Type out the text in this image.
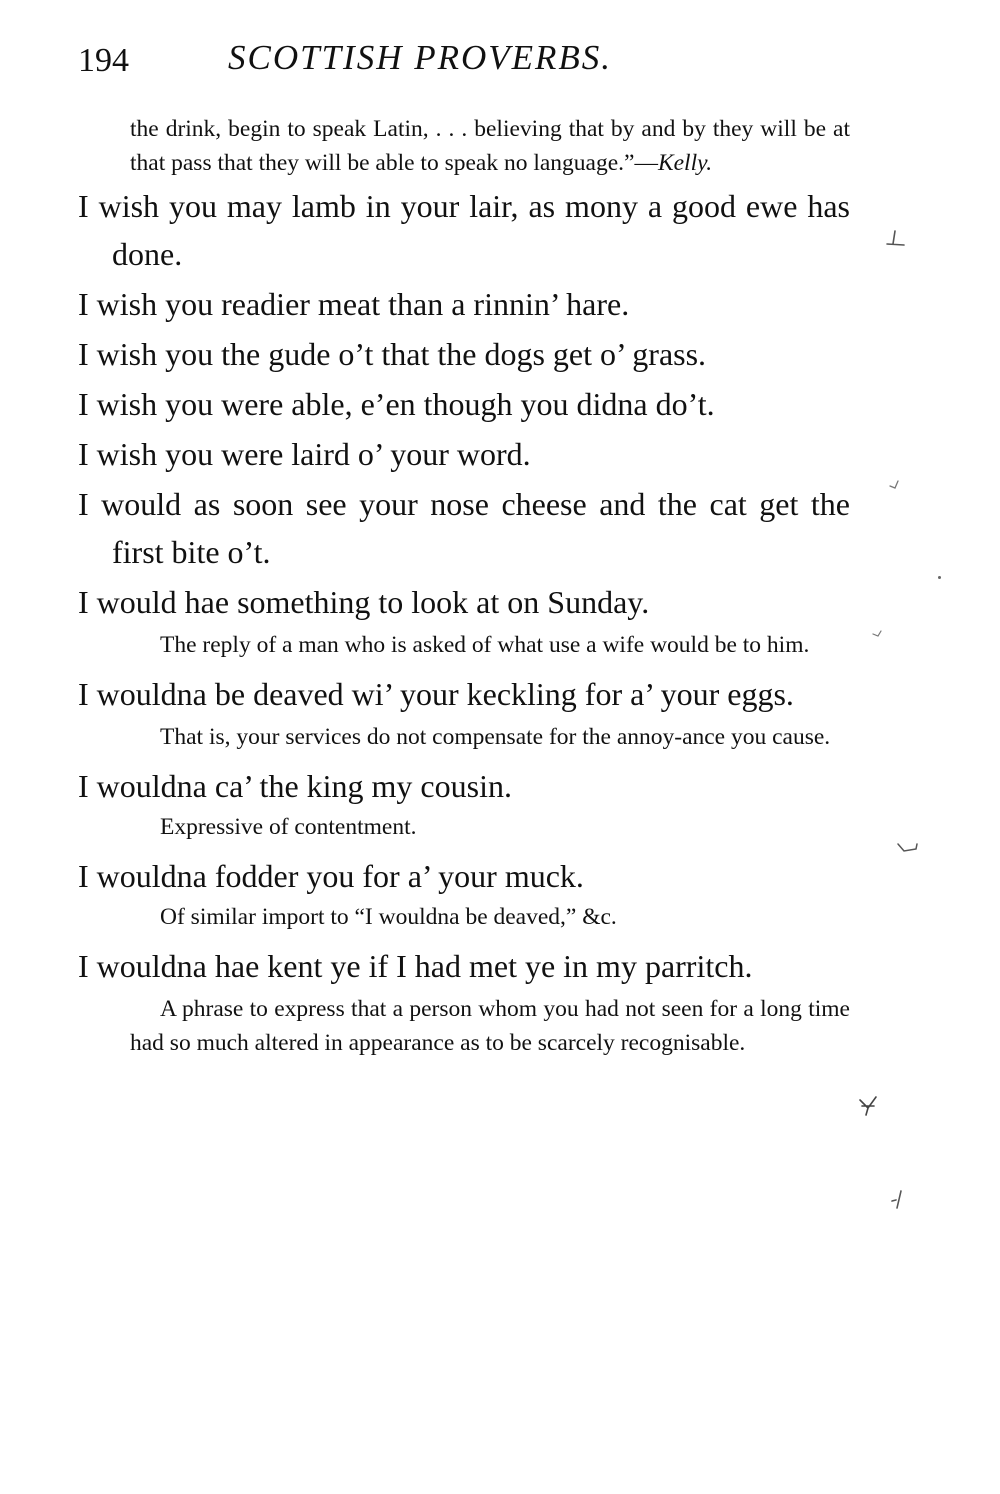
194	SCOTTISH PROVERBS.

the drink, begin to speak Latin, . . . believing that by and by they will be at that pass that they will be able to speak no language.”—Kelly.

I wish you may lamb in your lair, as mony a good ewe has done.

I wish you readier meat than a rinnin’ hare.

I wish you the gude o’t that the dogs get o’ grass.

I wish you were able, e’en though you didna do’t.

I wish you were laird o’ your word.

I would as soon see your nose cheese and the cat get the first bite o’t.

I would hae something to look at on Sunday.

The reply of a man who is asked of what use a wife would be to him.

I wouldna be deaved wi’ your keckling for a’ your eggs.

That is, your services do not compensate for the annoy-ance you cause.

I wouldna ca’ the king my cousin.

Expressive of contentment.

I wouldna fodder you for a’ your muck.

Of similar import to “I wouldna be deaved,” &c.

I wouldna hae kent ye if I had met ye in my parritch.

A phrase to express that a person whom you had not seen for a long time had so much altered in appearance as to be scarcely recognisable.
